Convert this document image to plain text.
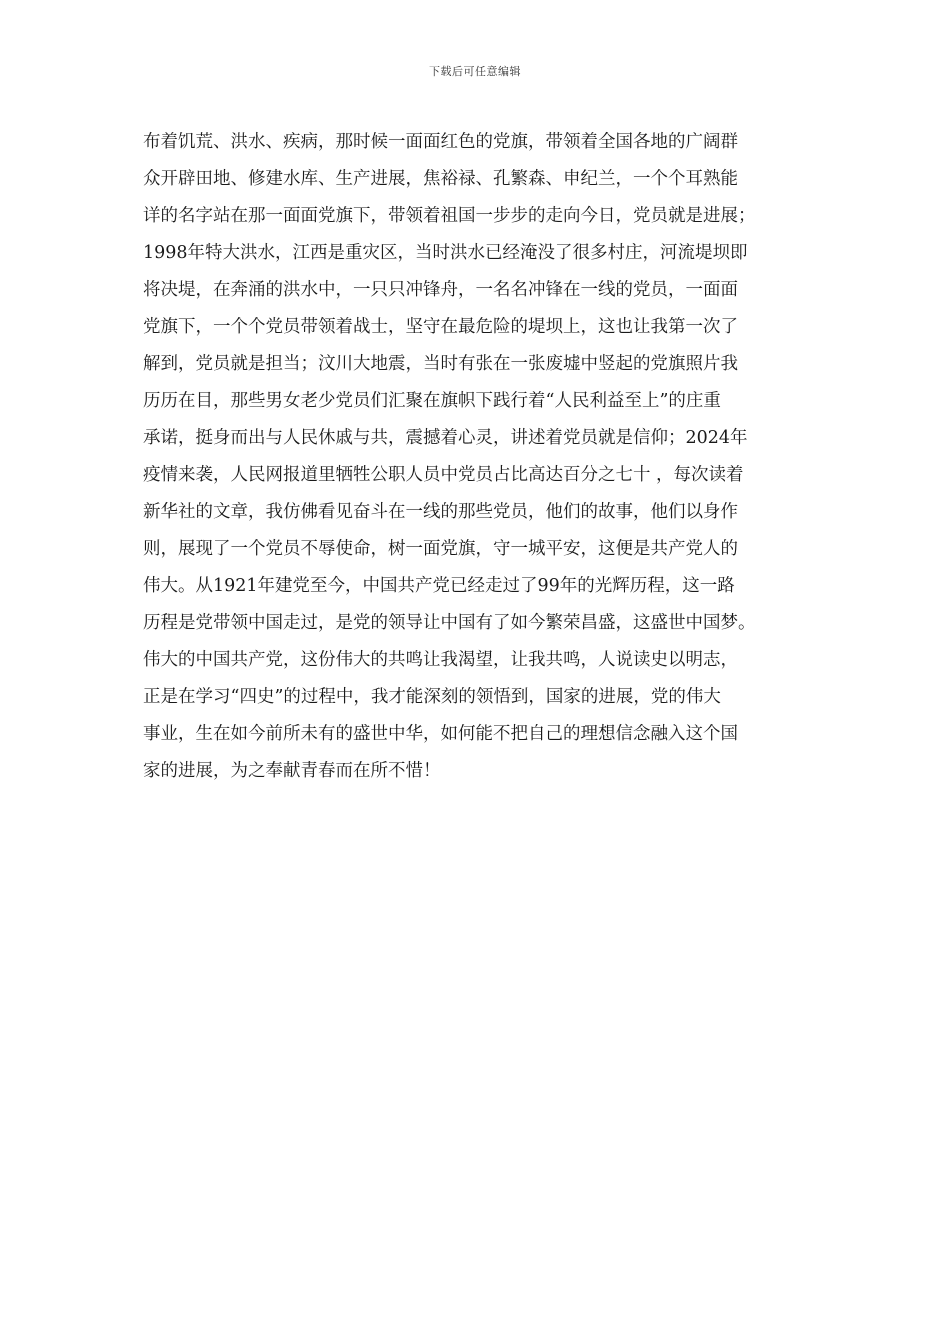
下载后可任意编辑
布着饥荒、洪水、疾病，那时候一面面红色的党旗，带领着全国各地的广阔群
众开辟田地、修建水库、生产进展，焦裕禄、孔繁森、申纪兰，一个个耳熟能
详的名字站在那一面面党旗下，带领着祖国一步步的走向今日，党员就是进展；
1998年特大洪水，江西是重灾区，当时洪水已经淹没了很多村庄，河流堤坝即
将决堤，在奔涌的洪水中，一只只冲锋舟，一名名冲锋在一线的党员，一面面
党旗下，一个个党员带领着战士，坚守在最危险的堤坝上，这也让我第一次了
解到，党员就是担当；汶川大地震，当时有张在一张废墟中竖起的党旗照片我
历历在目，那些男女老少党员们汇聚在旗帜下践行着“人民利益至上”的庄重
承诺，挺身而出与人民休戚与共，震撼着心灵，讲述着党员就是信仰；2024年
疫情来袭，人民网报道里牺牲公职人员中党员占比高达百分之七十 ，每次读着
新华社的文章，我仿佛看见奋斗在一线的那些党员，他们的故事，他们以身作
则，展现了一个党员不辱使命，树一面党旗，守一城平安，这便是共产党人的
伟大。从1921年建党至今，中国共产党已经走过了99年的光辉历程，这一路
历程是党带领中国走过，是党的领导让中国有了如今繁荣昌盛，这盛世中国梦。
伟大的中国共产党，这份伟大的共鸣让我渴望，让我共鸣，人说读史以明志，
正是在学习“四史”的过程中，我才能深刻的领悟到，国家的进展，党的伟大
事业，生在如今前所未有的盛世中华，如何能不把自己的理想信念融入这个国
家的进展，为之奉献青春而在所不惜！
